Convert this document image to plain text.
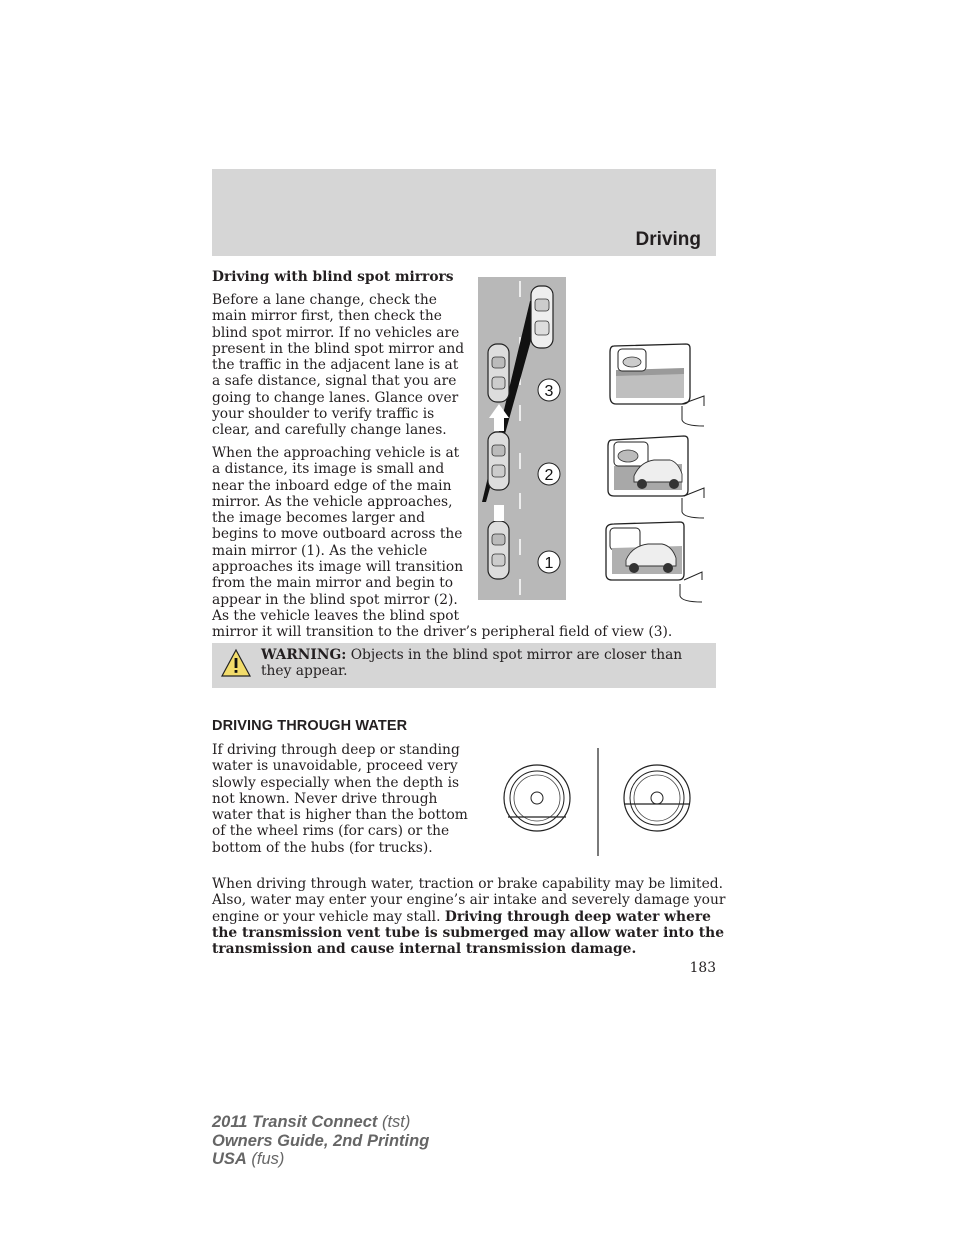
Driving
Driving with blind spot mirrors
Before a lane change, check the
main mirror first, then check the
blind spot mirror. If no vehicles are
present in the blind spot mirror and
the traffic in the adjacent lane is at
a safe distance, signal that you are
going to change lanes. Glance over
your shoulder to verify traffic is
clear, and carefully change lanes.
When the approaching vehicle is at
a distance, its image is small and
near the inboard edge of the main
mirror. As the vehicle approaches,
the image becomes larger and
begins to move outboard across the
main mirror (1). As the vehicle
approaches its image will transition
from the main mirror and begin to
appear in the blind spot mirror (2).
As the vehicle leaves the blind spot
mirror it will transition to the driver’s peripheral field of view (3).
3
2
1
WARNING: Objects in the blind spot mirror are closer than they appear.
DRIVING THROUGH WATER
If driving through deep or standing
water is unavoidable, proceed very
slowly especially when the depth is
not known. Never drive through
water that is higher than the bottom
of the wheel rims (for cars) or the
bottom of the hubs (for trucks).
When driving through water, traction or brake capability may be limited.
Also, water may enter your engine’s air intake and severely damage your
engine or your vehicle may stall. Driving through deep water where
the transmission vent tube is submerged may allow water into the
transmission and cause internal transmission damage.
183
2011 Transit Connect (tst)
Owners Guide, 2nd Printing
USA (fus)
